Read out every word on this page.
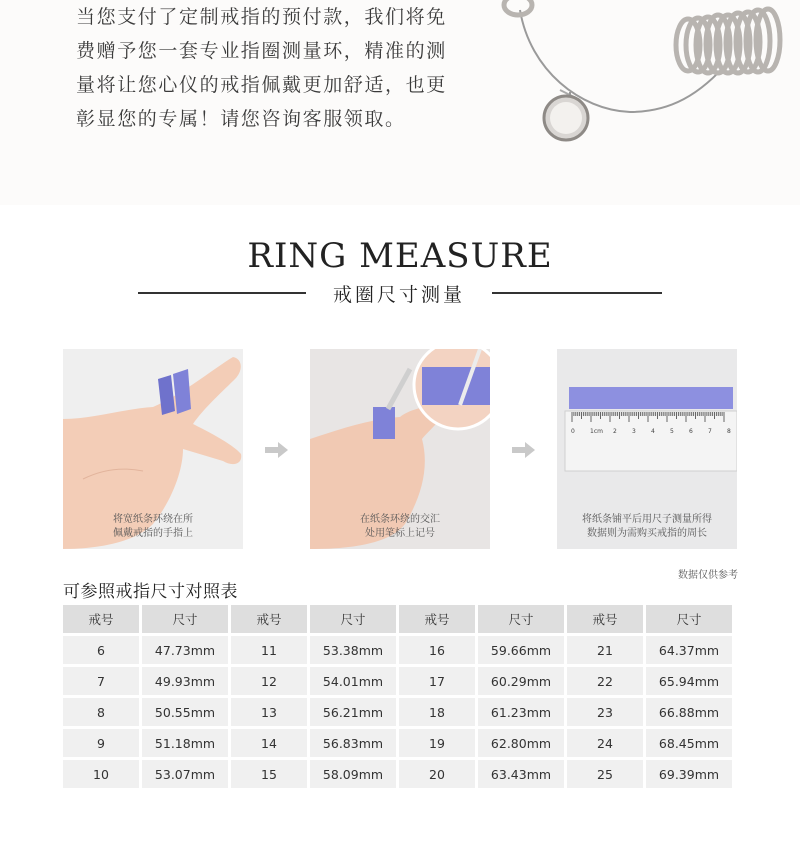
当您支付了定制戒指的预付款，我们将免
费赠予您一套专业指圈测量环，精准的测
量将让您心仪的戒指佩戴更加舒适，也更
彰显您的专属！请您咨询客服领取。
RING MEASURE
戒圈尺寸测量
将宽纸条环绕在所
佩戴戒指的手指上
在纸条环绕的交汇
处用笔标上记号
0	1cm 2	3	4	5	6	7	8
将纸条铺平后用尺子测量所得
数据则为需购买戒指的周长
数据仅供参考
可参照戒指尺寸对照表
戒号	尺寸	戒号	尺寸	戒号	尺寸	戒号	尺寸
6	47.73mm	11	53.38mm	16	59.66mm	21	64.37mm
7	49.93mm	12	54.01mm	17	60.29mm	22	65.94mm
8	50.55mm	13	56.21mm	18	61.23mm	23	66.88mm
9	51.18mm	14	56.83mm	19	62.80mm	24	68.45mm
10	53.07mm	15	58.09mm	20	63.43mm	25	69.39mm
